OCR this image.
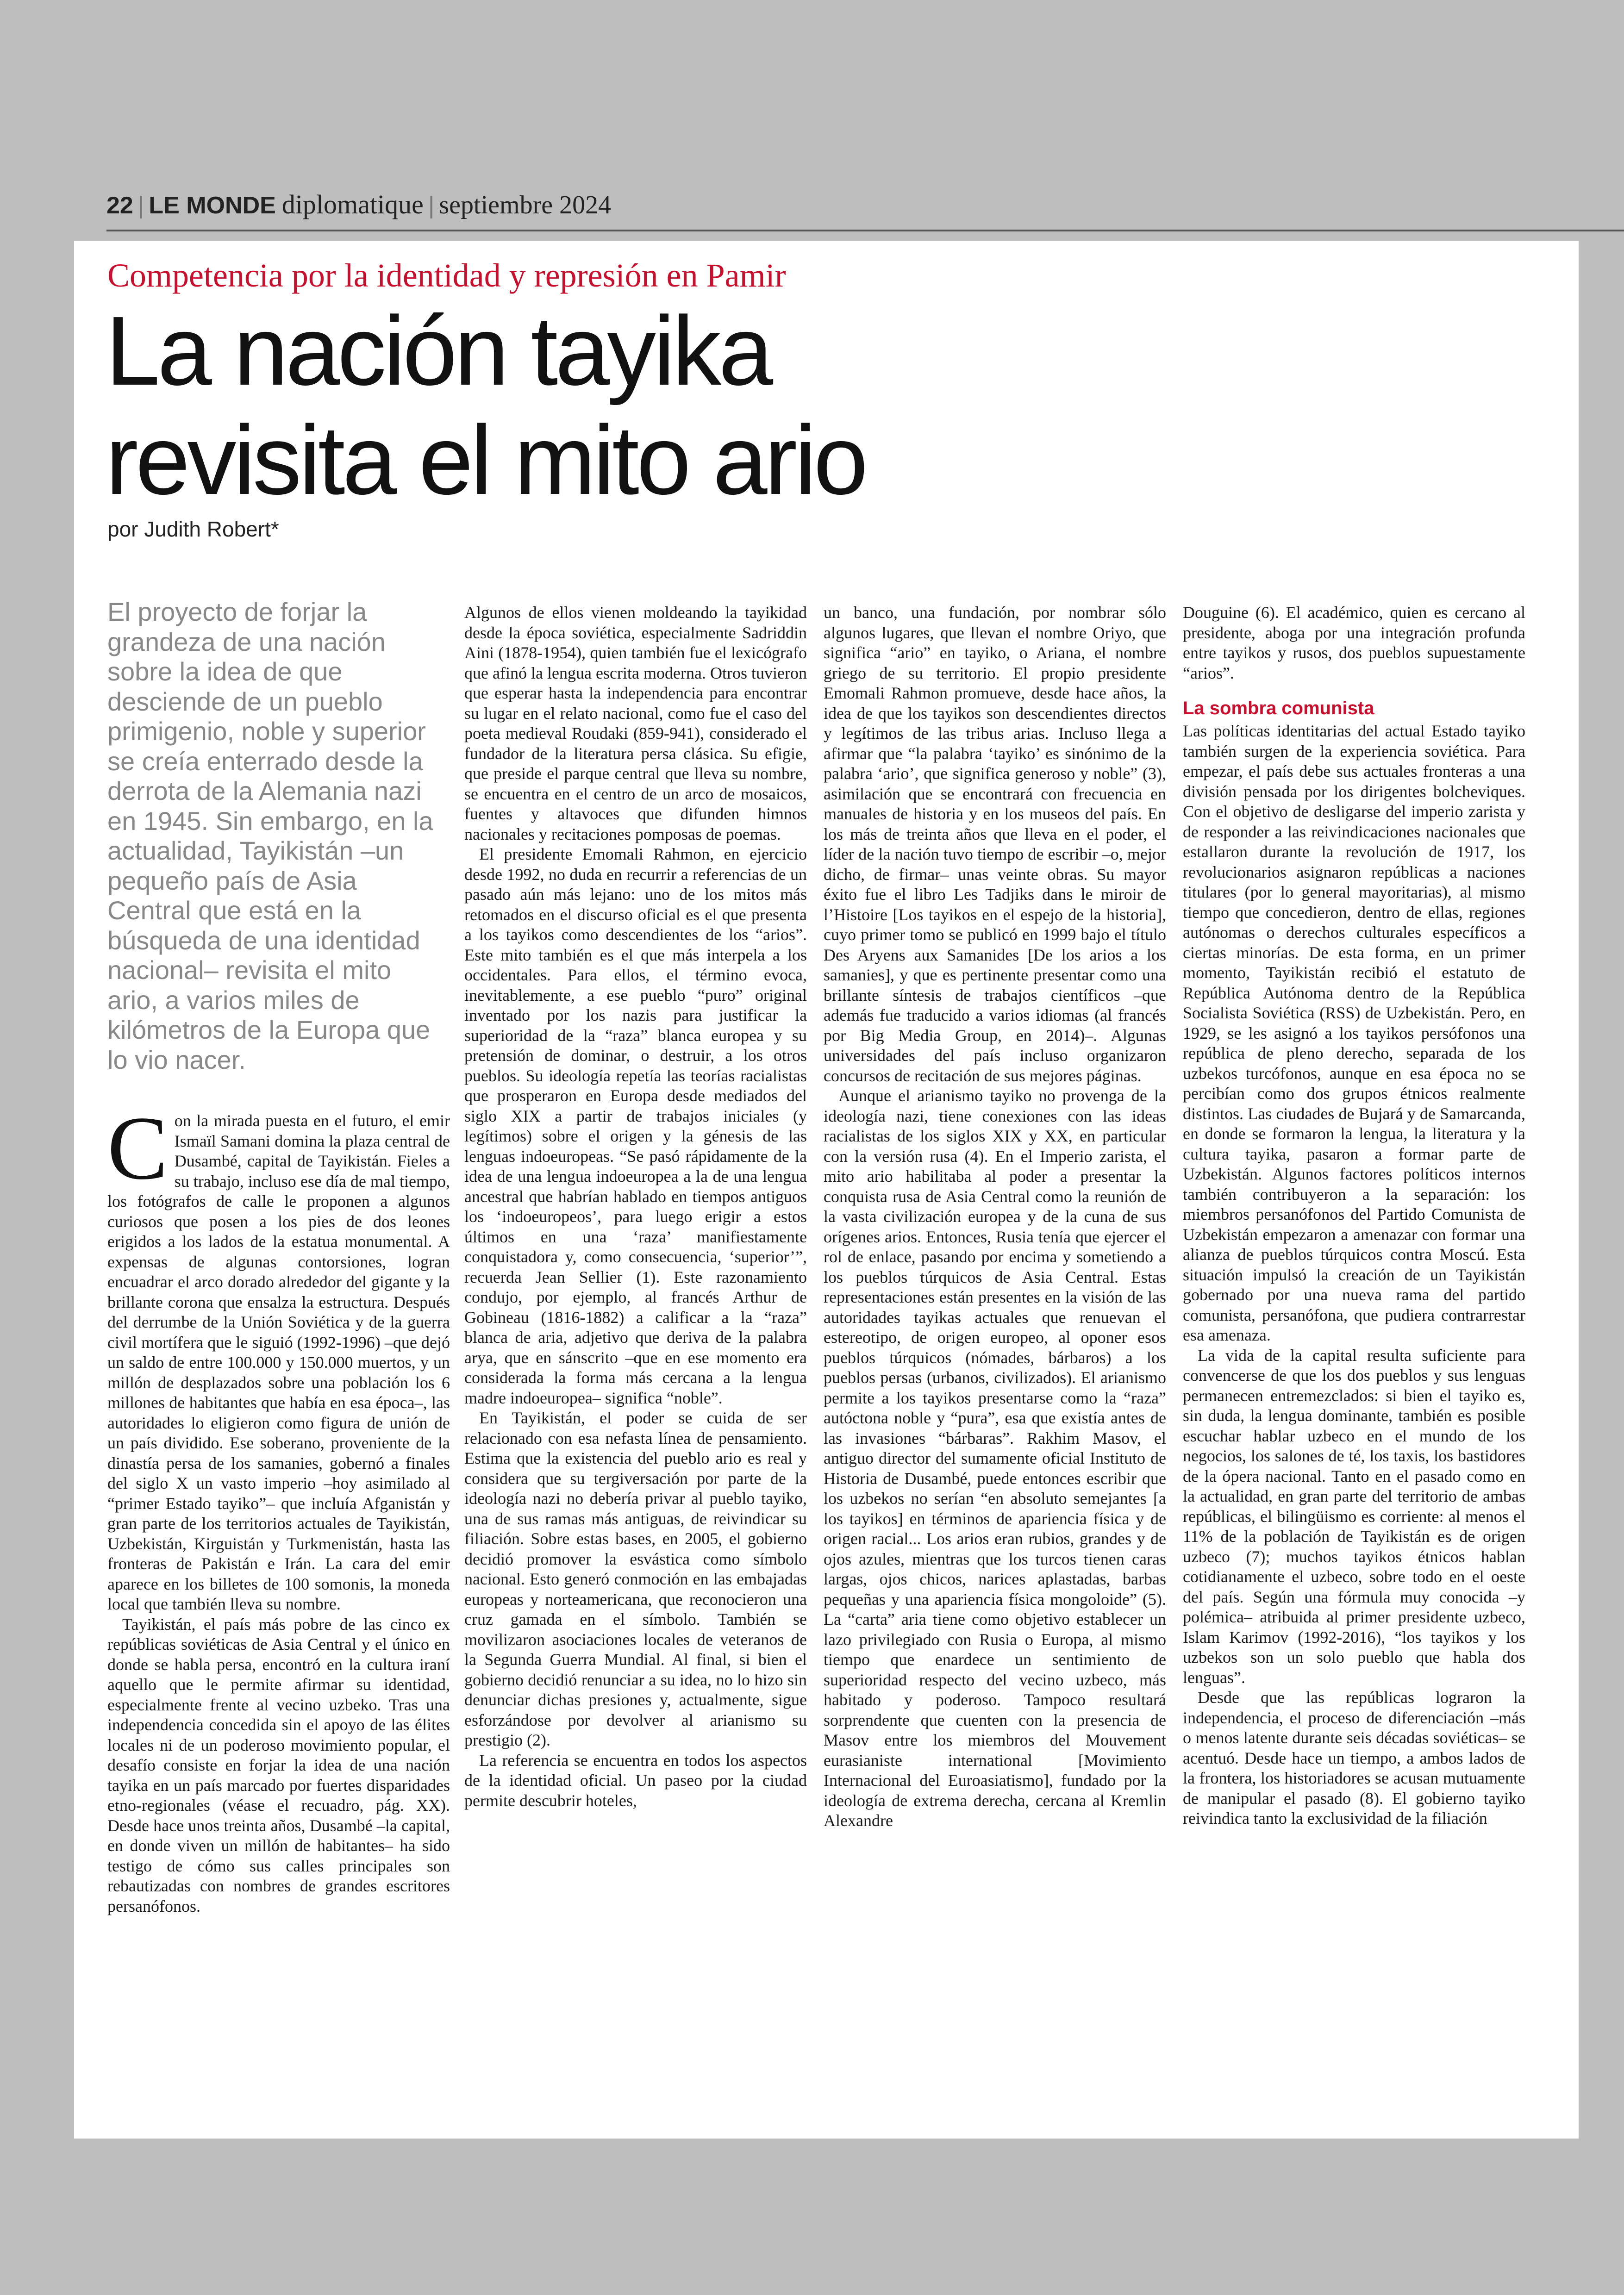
22 | LE MONDE diplomatique | septiembre 2024
Competencia por la identidad y represión en Pamir
La nación tayika
revisita el mito ario
por Judith Robert*
El proyecto de forjar la grandeza de una nación sobre la idea de que desciende de un pueblo primigenio, noble y superior se creía enterrado desde la derrota de la Alemania nazi en 1945. Sin embargo, en la actualidad, Tayikistán –un pequeño país de Asia Central que está en la búsqueda de una identidad nacional– revisita el mito ario, a varios miles de kilómetros de la Europa que lo vio nacer.

Con la mirada puesta en el futuro, el emir Ismaïl Samani domina la plaza central de Dusambé, capital de Tayikistán. Fieles a su trabajo, incluso ese día de mal tiempo, los fotógrafos de calle le proponen a algunos curiosos que posen a los pies de dos leones erigidos a los lados de la estatua monumental. A expensas de algunas contorsiones, logran encuadrar el arco dorado alrededor del gigante y la brillante corona que ensalza la estructura. Después del derrumbe de la Unión Soviética y de la guerra civil mortífera que le siguió (1992-1996) –que dejó un saldo de entre 100.000 y 150.000 muertos, y un millón de desplazados sobre una población los 6 millones de habitantes que había en esa época–, las autoridades lo eligieron como figura de unión de un país dividido. Ese soberano, proveniente de la dinastía persa de los samanies, gobernó a finales del siglo X un vasto imperio –hoy asimilado al “primer Estado tayiko”– que incluía Afganistán y gran parte de los territorios actuales de Tayikistán, Uzbekistán, Kirguistán y Turkmenistán, hasta las fronteras de Pakistán e Irán. La cara del emir aparece en los billetes de 100 somonis, la moneda local que también lleva su nombre.

Tayikistán, el país más pobre de las cinco ex repúblicas soviéticas de Asia Central y el único en donde se habla persa, encontró en la cultura iraní aquello que le permite afirmar su identidad, especialmente frente al vecino uzbeko. Tras una independencia concedida sin el apoyo de las élites locales ni de un poderoso movimiento popular, el desafío consiste en forjar la idea de una nación tayika en un país marcado por fuertes disparidades etno-regionales (véase el recuadro, pág. XX). Desde hace unos treinta años, Dusambé –la capital, en donde viven un millón de habitantes– ha sido testigo de cómo sus calles principales son rebautizadas con nombres de grandes escritores persanófonos.

Algunos de ellos vienen moldeando la tayikidad desde la época soviética, especialmente Sadriddin Aini (1878-1954), quien también fue el lexicógrafo que afinó la lengua escrita moderna. Otros tuvieron que esperar hasta la independencia para encontrar su lugar en el relato nacional, como fue el caso del poeta medieval Roudaki (859-941), considerado el fundador de la literatura persa clásica. Su efigie, que preside el parque central que lleva su nombre, se encuentra en el centro de un arco de mosaicos, fuentes y altavoces que difunden himnos nacionales y recitaciones pomposas de poemas.

El presidente Emomali Rahmon, en ejercicio desde 1992, no duda en recurrir a referencias de un pasado aún más lejano: uno de los mitos más retomados en el discurso oficial es el que presenta a los tayikos como descendientes de los “arios”. Este mito también es el que más interpela a los occidentales. Para ellos, el término evoca, inevitablemente, a ese pueblo “puro” original inventado por los nazis para justificar la superioridad de la “raza” blanca europea y su pretensión de dominar, o destruir, a los otros pueblos. Su ideología repetía las teorías racialistas que prosperaron en Europa desde mediados del siglo XIX a partir de trabajos iniciales (y legítimos) sobre el origen y la génesis de las lenguas indoeuropeas. “Se pasó rápidamente de la idea de una lengua indoeuropea a la de una lengua ancestral que habrían hablado en tiempos antiguos los ‘indoeuropeos’, para luego erigir a estos últimos en una ‘raza’ manifiestamente conquistadora y, como consecuencia, ‘superior’”, recuerda Jean Sellier (1). Este razonamiento condujo, por ejemplo, al francés Arthur de Gobineau (1816-1882) a calificar a la “raza” blanca de aria, adjetivo que deriva de la palabra arya, que en sánscrito –que en ese momento era considerada la forma más cercana a la lengua madre indoeuropea– significa “noble”.

En Tayikistán, el poder se cuida de ser relacionado con esa nefasta línea de pensamiento. Estima que la existencia del pueblo ario es real y considera que su tergiversación por parte de la ideología nazi no debería privar al pueblo tayiko, una de sus ramas más antiguas, de reivindicar su filiación. Sobre estas bases, en 2005, el gobierno decidió promover la esvástica como símbolo nacional. Esto generó conmoción en las embajadas europeas y norteamericana, que reconocieron una cruz gamada en el símbolo. También se movilizaron asociaciones locales de veteranos de la Segunda Guerra Mundial. Al final, si bien el gobierno decidió renunciar a su idea, no lo hizo sin denunciar dichas presiones y, actualmente, sigue esforzándose por devolver al arianismo su prestigio (2).

La referencia se encuentra en todos los aspectos de la identidad oficial. Un paseo por la ciudad permite descubrir hoteles,

un banco, una fundación, por nombrar sólo algunos lugares, que llevan el nombre Oriyo, que significa “ario” en tayiko, o Ariana, el nombre griego de su territorio. El propio presidente Emomali Rahmon promueve, desde hace años, la idea de que los tayikos son descendientes directos y legítimos de las tribus arias. Incluso llega a afirmar que “la palabra ‘tayiko’ es sinónimo de la palabra ‘ario’, que significa generoso y noble” (3), asimilación que se encontrará con frecuencia en manuales de historia y en los museos del país. En los más de treinta años que lleva en el poder, el líder de la nación tuvo tiempo de escribir –o, mejor dicho, de firmar– unas veinte obras. Su mayor éxito fue el libro Les Tadjiks dans le miroir de l’Histoire [Los tayikos en el espejo de la historia], cuyo primer tomo se publicó en 1999 bajo el título Des Aryens aux Samanides [De los arios a los samanies], y que es pertinente presentar como una brillante síntesis de trabajos científicos –que además fue traducido a varios idiomas (al francés por Big Media Group, en 2014)–. Algunas universidades del país incluso organizaron concursos de recitación de sus mejores páginas.

Aunque el arianismo tayiko no provenga de la ideología nazi, tiene conexiones con las ideas racialistas de los siglos XIX y XX, en particular con la versión rusa (4). En el Imperio zarista, el mito ario habilitaba al poder a presentar la conquista rusa de Asia Central como la reunión de la vasta civilización europea y de la cuna de sus orígenes arios. Entonces, Rusia tenía que ejercer el rol de enlace, pasando por encima y sometiendo a los pueblos túrquicos de Asia Central. Estas representaciones están presentes en la visión de las autoridades tayikas actuales que renuevan el estereotipo, de origen europeo, al oponer esos pueblos túrquicos (nómades, bárbaros) a los pueblos persas (urbanos, civilizados). El arianismo permite a los tayikos presentarse como la “raza” autóctona noble y “pura”, esa que existía antes de las invasiones “bárbaras”. Rakhim Masov, el antiguo director del sumamente oficial Instituto de Historia de Dusambé, puede entonces escribir que los uzbekos no serían “en absoluto semejantes [a los tayikos] en términos de apariencia física y de origen racial... Los arios eran rubios, grandes y de ojos azules, mientras que los turcos tienen caras largas, ojos chicos, narices aplastadas, barbas pequeñas y una apariencia física mongoloide” (5). La “carta” aria tiene como objetivo establecer un lazo privilegiado con Rusia o Europa, al mismo tiempo que enardece un sentimiento de superioridad respecto del vecino uzbeco, más habitado y poderoso. Tampoco resultará sorprendente que cuenten con la presencia de Masov entre los miembros del Mouvement eurasianiste international [Movimiento Internacional del Euroasiatismo], fundado por la ideología de extrema derecha, cercana al Kremlin Alexandre

Douguine (6). El académico, quien es cercano al presidente, aboga por una integración profunda entre tayikos y rusos, dos pueblos supuestamente “arios”.

La sombra comunista

Las políticas identitarias del actual Estado tayiko también surgen de la experiencia soviética. Para empezar, el país debe sus actuales fronteras a una división pensada por los dirigentes bolcheviques. Con el objetivo de desligarse del imperio zarista y de responder a las reivindicaciones nacionales que estallaron durante la revolución de 1917, los revolucionarios asignaron repúblicas a naciones titulares (por lo general mayoritarias), al mismo tiempo que concedieron, dentro de ellas, regiones autónomas o derechos culturales específicos a ciertas minorías. De esta forma, en un primer momento, Tayikistán recibió el estatuto de República Autónoma dentro de la República Socialista Soviética (RSS) de Uzbekistán. Pero, en 1929, se les asignó a los tayikos persófonos una república de pleno derecho, separada de los uzbekos turcófonos, aunque en esa época no se percibían como dos grupos étnicos realmente distintos. Las ciudades de Bujará y de Samarcanda, en donde se formaron la lengua, la literatura y la cultura tayika, pasaron a formar parte de Uzbekistán. Algunos factores políticos internos también contribuyeron a la separación: los miembros persanófonos del Partido Comunista de Uzbekistán empezaron a amenazar con formar una alianza de pueblos túrquicos contra Moscú. Esta situación impulsó la creación de un Tayikistán gobernado por una nueva rama del partido comunista, persanófona, que pudiera contrarrestar esa amenaza.

La vida de la capital resulta suficiente para convencerse de que los dos pueblos y sus lenguas permanecen entremezclados: si bien el tayiko es, sin duda, la lengua dominante, también es posible escuchar hablar uzbeco en el mundo de los negocios, los salones de té, los taxis, los bastidores de la ópera nacional. Tanto en el pasado como en la actualidad, en gran parte del territorio de ambas repúblicas, el bilingüismo es corriente: al menos el 11% de la población de Tayikistán es de origen uzbeco (7); muchos tayikos étnicos hablan cotidianamente el uzbeco, sobre todo en el oeste del país. Según una fórmula muy conocida –y polémica– atribuida al primer presidente uzbeco, Islam Karimov (1992-2016), “los tayikos y los uzbekos son un solo pueblo que habla dos lenguas”.

Desde que las repúblicas lograron la independencia, el proceso de diferenciación –más o menos latente durante seis décadas soviéticas– se acentuó. Desde hace un tiempo, a ambos lados de la frontera, los historiadores se acusan mutuamente de manipular el pasado (8). El gobierno tayiko reivindica tanto la exclusividad de la filiación
